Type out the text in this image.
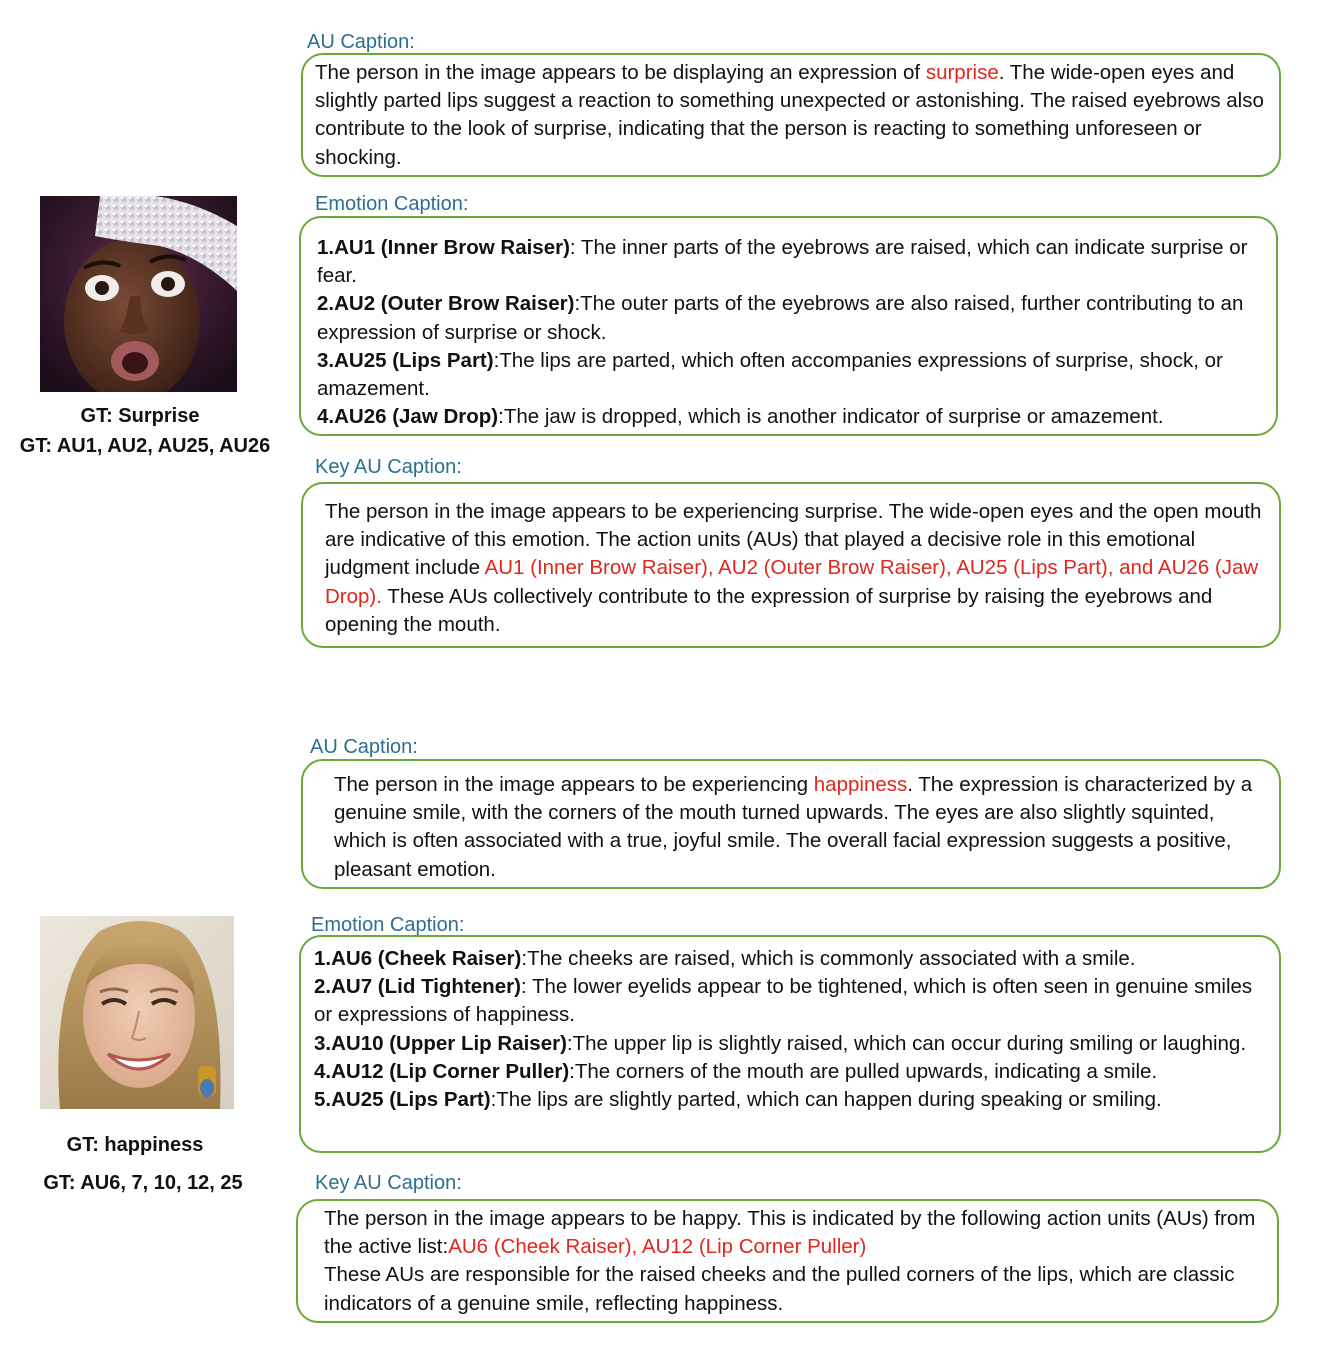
GT: Surprise
GT: AU1, AU2, AU25, AU26
AU Caption:

The person in the image appears to be displaying an expression of surprise. The wide-open eyes and slightly parted lips suggest a reaction to something unexpected or astonishing. The raised eyebrows also contribute to the look of surprise, indicating that the person is reacting to something unforeseen or shocking.

Emotion Caption:

1.AU1 (Inner Brow Raiser): The inner parts of the eyebrows are raised, which can indicate surprise or fear.

2.AU2 (Outer Brow Raiser):The outer parts of the eyebrows are also raised, further contributing to an expression of surprise or shock.

3.AU25 (Lips Part):The lips are parted, which often accompanies expressions of surprise, shock, or amazement.

4.AU26 (Jaw Drop):The jaw is dropped, which is another indicator of surprise or amazement.

Key AU Caption:

The person in the image appears to be experiencing surprise. The wide-open eyes and the open mouth are indicative of this emotion. The action units (AUs) that played a decisive role in this emotional judgment include AU1 (Inner Brow Raiser), AU2 (Outer Brow Raiser), AU25 (Lips Part), and AU26 (Jaw Drop). These AUs collectively contribute to the expression of surprise by raising the eyebrows and opening the mouth.

GT: happiness
GT: AU6, 7, 10, 12, 25
AU Caption:

The person in the image appears to be experiencing happiness. The expression is characterized by a genuine smile, with the corners of the mouth turned upwards. The eyes are also slightly squinted, which is often associated with a true, joyful smile. The overall facial expression suggests a positive, pleasant emotion.

Emotion Caption:

1.AU6 (Cheek Raiser):The cheeks are raised, which is commonly associated with a smile.

2.AU7 (Lid Tightener): The lower eyelids appear to be tightened, which is often seen in genuine smiles or expressions of happiness.

3.AU10 (Upper Lip Raiser):The upper lip is slightly raised, which can occur during smiling or laughing.

4.AU12 (Lip Corner Puller):The corners of the mouth are pulled upwards, indicating a smile.

5.AU25 (Lips Part):The lips are slightly parted, which can happen during speaking or smiling.

Key AU Caption:

The person in the image appears to be happy. This is indicated by the following action units (AUs) from the active list:AU6 (Cheek Raiser), AU12 (Lip Corner Puller)
These AUs are responsible for the raised cheeks and the pulled corners of the lips, which are classic indicators of a genuine smile, reflecting happiness.
